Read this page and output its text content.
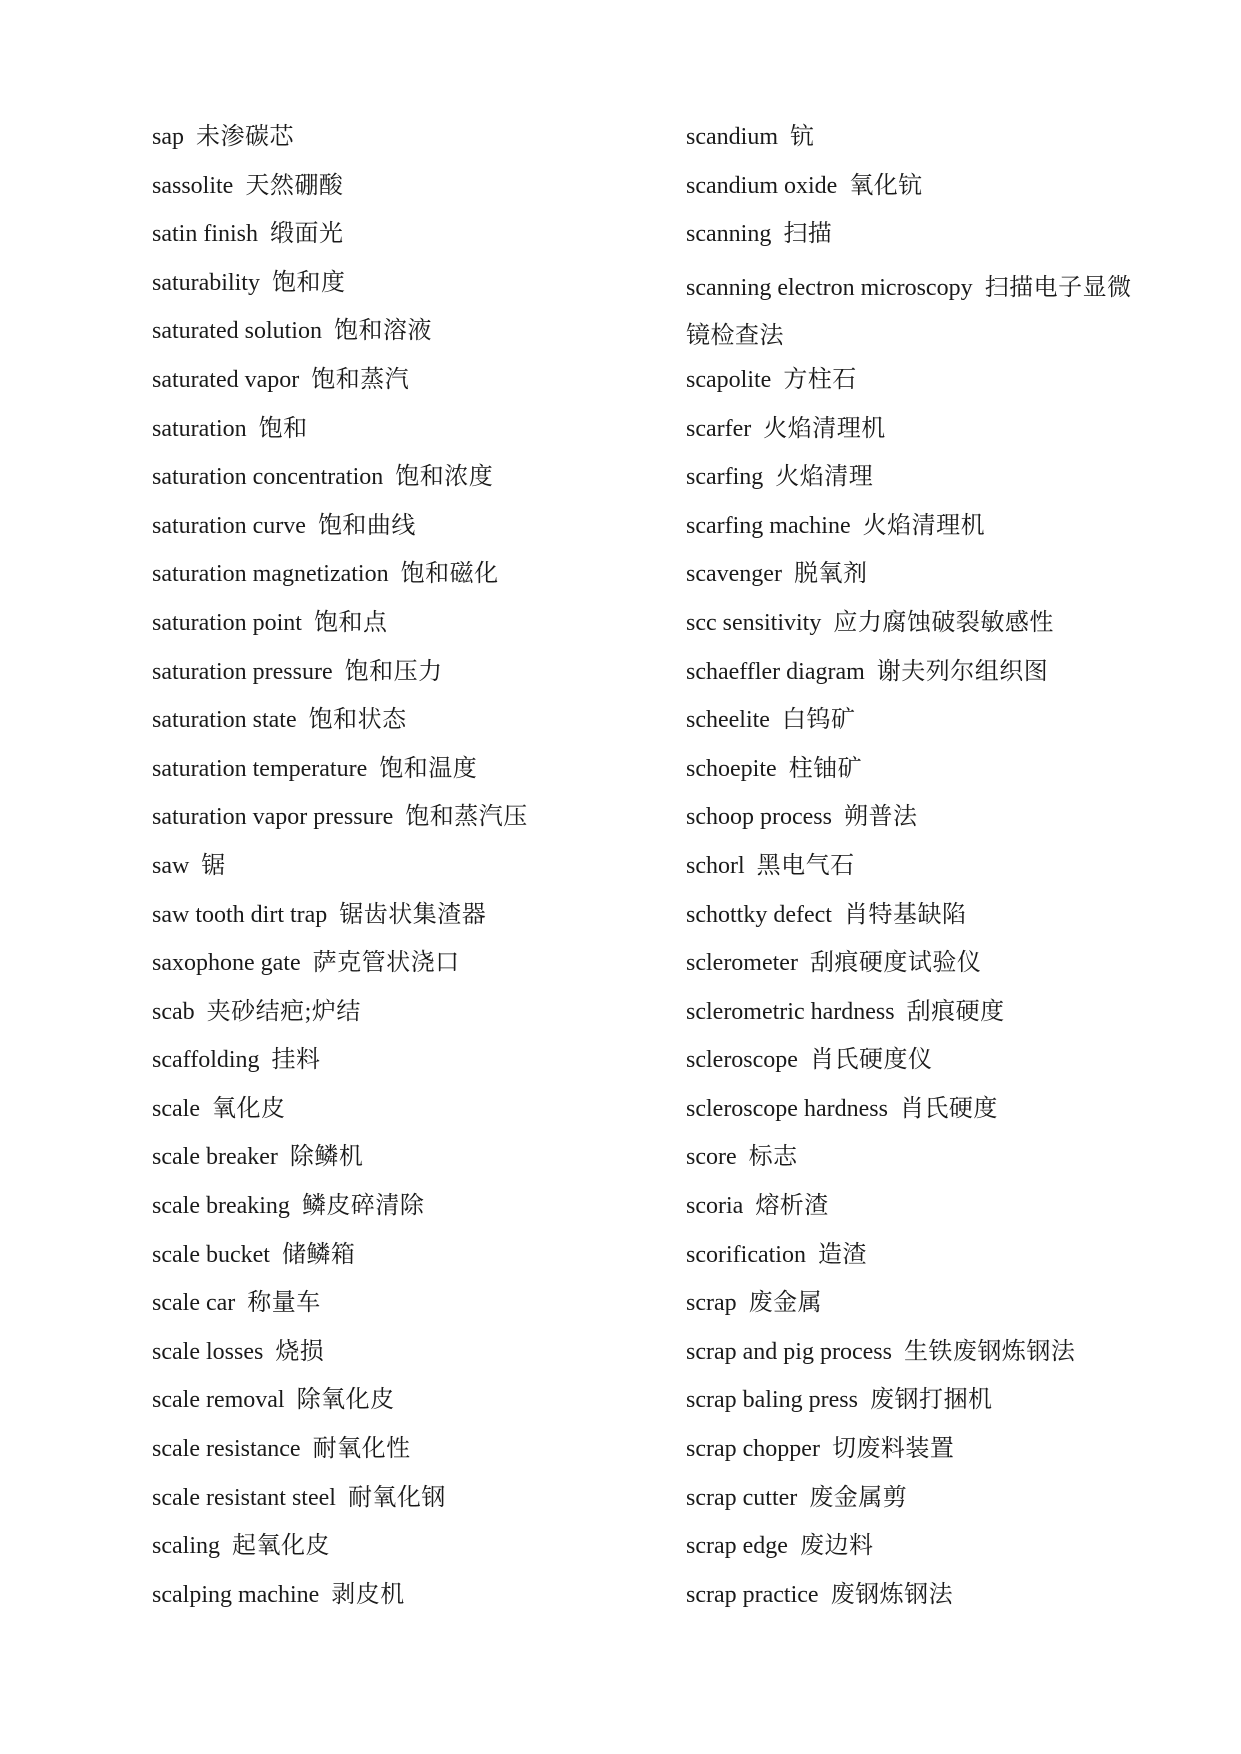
sap 未渗碳芯
sassolite 天然硼酸
satin finish 缎面光
saturability 饱和度
saturated solution 饱和溶液
saturated vapor 饱和蒸汽
saturation 饱和
saturation concentration 饱和浓度
saturation curve 饱和曲线
saturation magnetization 饱和磁化
saturation point 饱和点
saturation pressure 饱和压力
saturation state 饱和状态
saturation temperature 饱和温度
saturation vapor pressure 饱和蒸汽压
saw 锯
saw tooth dirt trap 锯齿状集渣器
saxophone gate 萨克管状浇口
scab 夹砂结疤;炉结
scaffolding 挂料
scale 氧化皮
scale breaker 除鳞机
scale breaking 鳞皮碎清除
scale bucket 储鳞箱
scale car 称量车
scale losses 烧损
scale removal 除氧化皮
scale resistance 耐氧化性
scale resistant steel 耐氧化钢
scaling 起氧化皮
scalping machine 剥皮机
scandium 钪
scandium oxide 氧化钪
scanning 扫描
scanning electron microscopy 扫描电子显微镜检查法
scapolite 方柱石
scarfer 火焰清理机
scarfing 火焰清理
scarfing machine 火焰清理机
scavenger 脱氧剂
scc sensitivity 应力腐蚀破裂敏感性
schaeffler diagram 谢夫列尔组织图
scheelite 白钨矿
schoepite 柱铀矿
schoop process 朔普法
schorl 黑电气石
schottky defect 肖特基缺陷
sclerometer 刮痕硬度试验仪
sclerometric hardness 刮痕硬度
scleroscope 肖氏硬度仪
scleroscope hardness 肖氏硬度
score 标志
scoria 熔析渣
scorification 造渣
scrap 废金属
scrap and pig process 生铁废钢炼钢法
scrap baling press 废钢打捆机
scrap chopper 切废料装置
scrap cutter 废金属剪
scrap edge 废边料
scrap practice 废钢炼钢法
